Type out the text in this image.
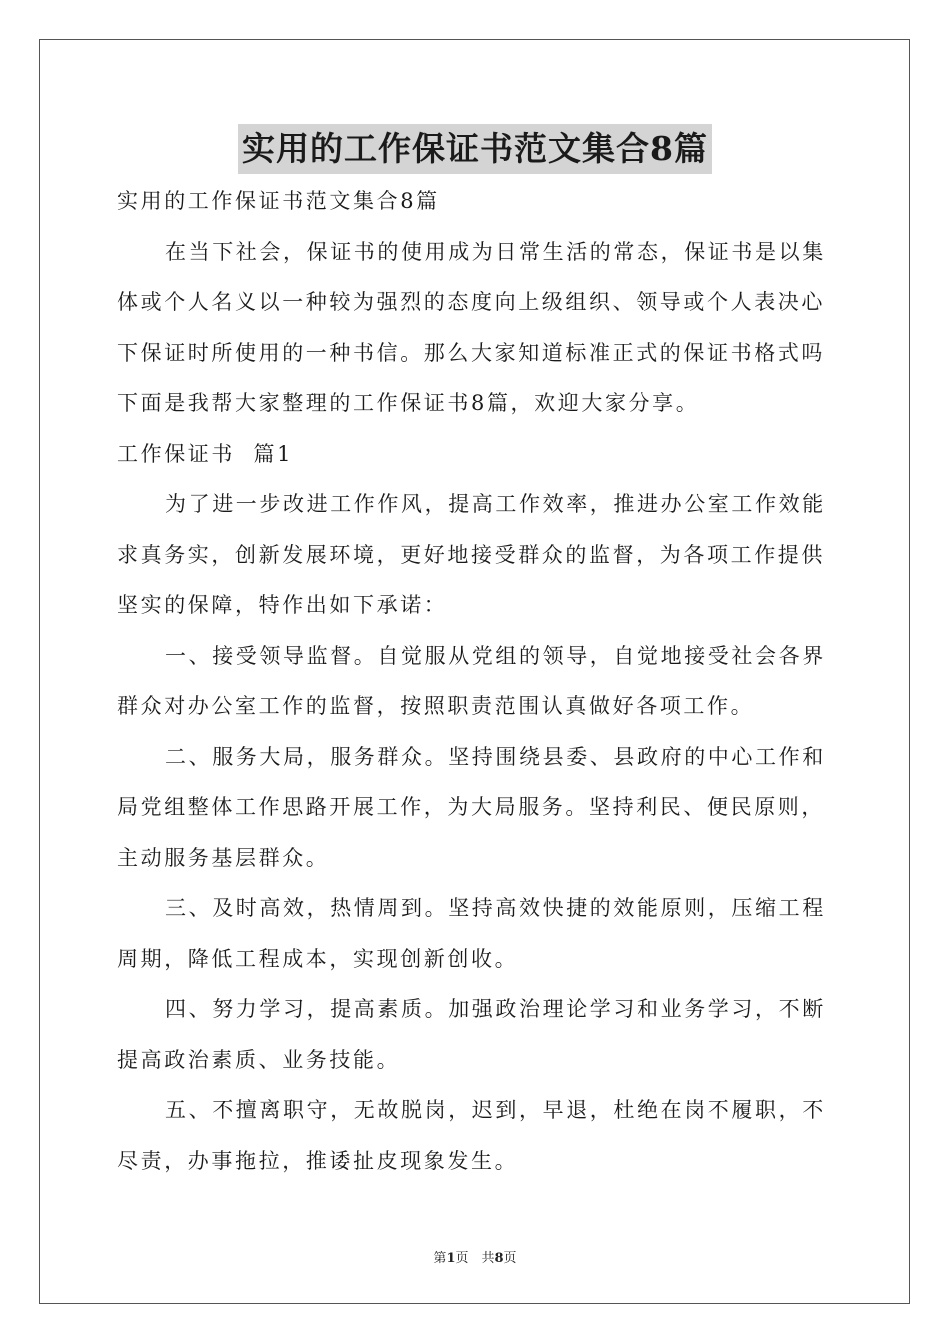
实用的工作保证书范文集合8篇
实用的工作保证书范文集合8篇
在当下社会，保证书的使用成为日常生活的常态，保证书是以集
体或个人名义以一种较为强烈的态度向上级组织、领导或个人表决心
下保证时所使用的一种书信。那么大家知道标准正式的保证书格式吗
下面是我帮大家整理的工作保证书8篇，欢迎大家分享。
工作保证书  篇1
为了进一步改进工作作风，提高工作效率，推进办公室工作效能
求真务实，创新发展环境，更好地接受群众的监督，为各项工作提供
坚实的保障，特作出如下承诺：
一、接受领导监督。自觉服从党组的领导，自觉地接受社会各界
群众对办公室工作的监督，按照职责范围认真做好各项工作。
二、服务大局，服务群众。坚持围绕县委、县政府的中心工作和
局党组整体工作思路开展工作，为大局服务。坚持利民、便民原则，
主动服务基层群众。
三、及时高效，热情周到。坚持高效快捷的效能原则，压缩工程
周期，降低工程成本，实现创新创收。
四、努力学习，提高素质。加强政治理论学习和业务学习，不断
提高政治素质、业务技能。
五、不擅离职守，无故脱岗，迟到，早退，杜绝在岗不履职，不
尽责，办事拖拉，推诿扯皮现象发生。
第1页　共8页
